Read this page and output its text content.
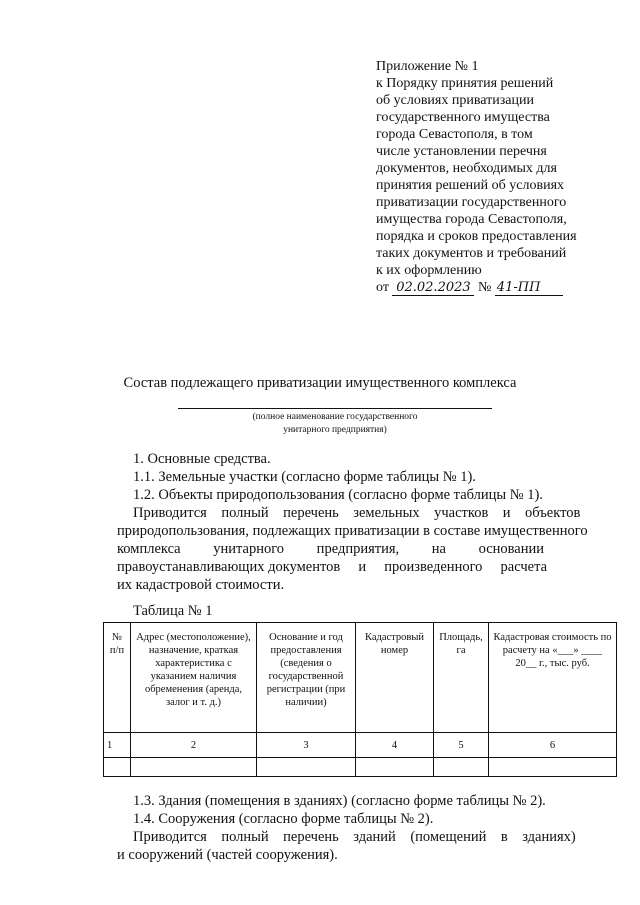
Приложение № 1
к Порядку принятия решений
об условиях приватизации
государственного имущества
города Севастополя, в том
числе установлении перечня
документов, необходимых для
принятия решений об условиях
приватизации государственного
имущества города Севастополя,
порядка и сроков предоставления
таких документов и требований
к их оформлению
от 02.02.2023 № 41-ПП
Состав подлежащего приватизации имущественного комплекса
(полное наименование государственного
унитарного предприятия)
1. Основные средства.
1.1. Земельные участки (согласно форме таблицы № 1).
1.2. Объекты природопользования (согласно форме таблицы № 1).
Приводится    полный    перечень    земельных    участков    и    объектов
природопользования, подлежащих приватизации в составе имущественного
комплекса         унитарного         предприятия,         на         основании
правоустанавливающих документов     и     произведенного     расчета
их кадастровой стоимости.
Таблица № 1
№ п/п	Адрес (местоположение), назначение, краткая характеристика с указанием наличия обременения (аренда, залог и т. д.)	Основание и год предоставления (сведения о государственной регистрации (при наличии)	Кадастровый номер	Площадь, га	Кадастровая стоимость по расчету на «___» ____ 20__ г., тыс. руб.
1	2	3	4	5	6

1.3. Здания (помещения в зданиях) (согласно форме таблицы № 2).
1.4. Сооружения (согласно форме таблицы № 2).
Приводится    полный    перечень    зданий    (помещений    в    зданиях)
и сооружений (частей сооружения).
